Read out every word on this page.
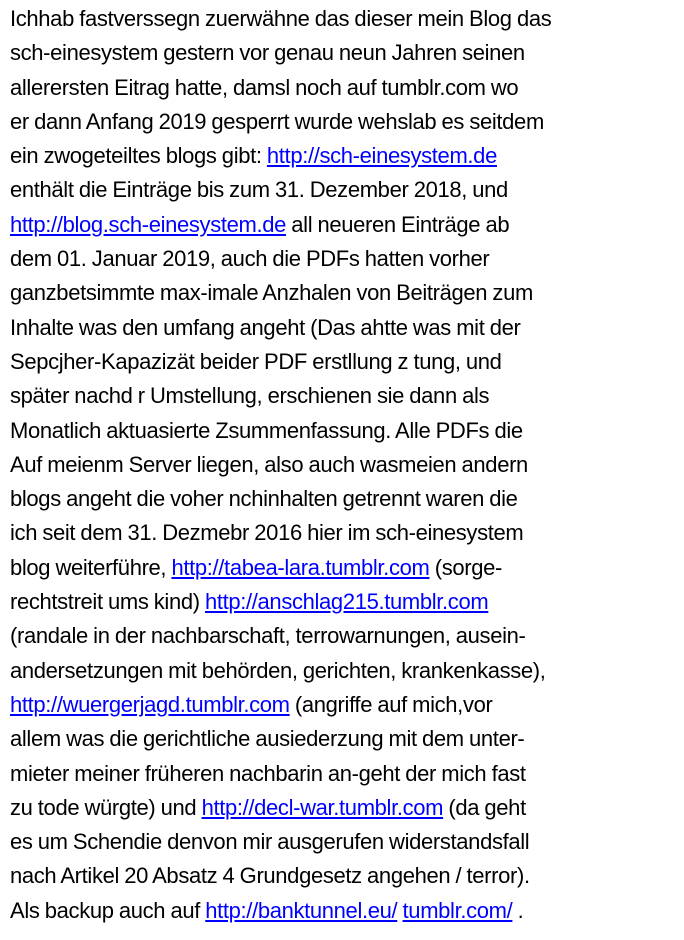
Ichhab fastverssegn zuerwähne das dieser mein Blog das
sch-einesystem gestern vor genau neun Jahren seinen
allerersten Eitrag hatte, damsl noch auf tumblr.com wo
er dann Anfang 2019 gesperrt wurde wehslab es seitdem
ein zwogeteiltes blogs gibt: http://sch-einesystem.de
enthält die Einträge bis zum 31. Dezember 2018, und
http://blog.sch-einesystem.de all neueren Einträge ab
dem 01. Januar 2019, auch die PDFs hatten vorher
ganzbetsimmte max-imale Anzhalen von Beiträgen zum
Inhalte was den umfang angeht (Das ahtte was mit der
Sepcjher-Kapazizät beider PDF erstllung z tung, und
später nachd r Umstellung, erschienen sie dann als
Monatlich aktuasierte Zsummenfassung. Alle PDFs die
Auf meienm Server liegen, also auch wasmeien andern
blogs angeht die voher nchinhalten getrennt waren die
ich seit dem 31. Dezmebr 2016 hier im sch-einesystem
blog weiterführe, http://tabea-lara.tumblr.com (sorge-
rechtstreit ums kind) http://anschlag215.tumblr.com
(randale in der nachbarschaft, terrowarnungen, ausein-
andersetzungen mit behörden, gerichten, krankenkasse),
http://wuergerjagd.tumblr.com (angriffe auf mich,vor
allem was die gerichtliche ausiederzung mit dem unter-
mieter meiner früheren nachbarin an-geht der mich fast
zu tode würgte) und http://decl-war.tumblr.com (da geht
es um Schendie denvon mir ausgerufen widerstandsfall
nach Artikel 20 Absatz 4 Grundgesetz angehen / terror).
Als backup auch auf http://banktunnel.eu/ tumblr.com/ .
